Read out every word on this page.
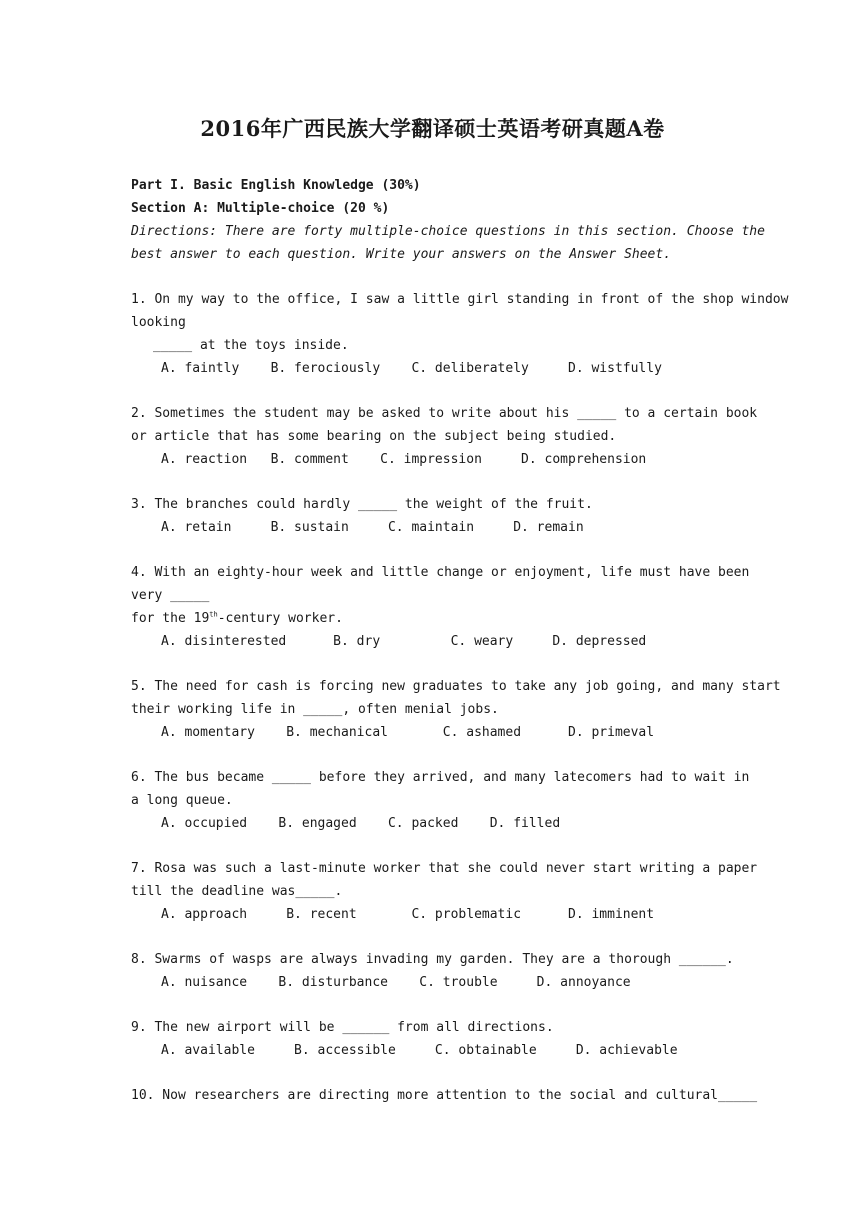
2016年广西民族大学翻译硕士英语考研真题A卷
Part I. Basic English Knowledge (30%)
Section A: Multiple-choice (20 %)
Directions: There are forty multiple-choice questions in this section. Choose the
best answer to each question. Write your answers on the Answer Sheet.
1. On my way to the office, I saw a little girl standing in front of the shop window
looking
_____ at the toys inside.
A. faintly    B. ferociously    C. deliberately     D. wistfully
2. Sometimes the student may be asked to write about his _____ to a certain book
or article that has some bearing on the subject being studied.
A. reaction   B. comment    C. impression     D. comprehension
3. The branches could hardly _____ the weight of the fruit.
A. retain     B. sustain     C. maintain     D. remain
4. With an eighty-hour week and little change or enjoyment, life must have been
very _____
for the 19th-century worker.
A. disinterested      B. dry         C. weary     D. depressed
5. The need for cash is forcing new graduates to take any job going, and many start
their working life in _____, often menial jobs.
A. momentary    B. mechanical       C. ashamed      D. primeval
6. The bus became _____ before they arrived, and many latecomers had to wait in
a long queue.
A. occupied    B. engaged    C. packed    D. filled
7. Rosa was such a last-minute worker that she could never start writing a paper
till the deadline was_____.
A. approach     B. recent       C. problematic      D. imminent
8. Swarms of wasps are always invading my garden. They are a thorough ______.
A. nuisance    B. disturbance    C. trouble     D. annoyance
9. The new airport will be ______ from all directions.
A. available     B. accessible     C. obtainable     D. achievable
10. Now researchers are directing more attention to the social and cultural_____
